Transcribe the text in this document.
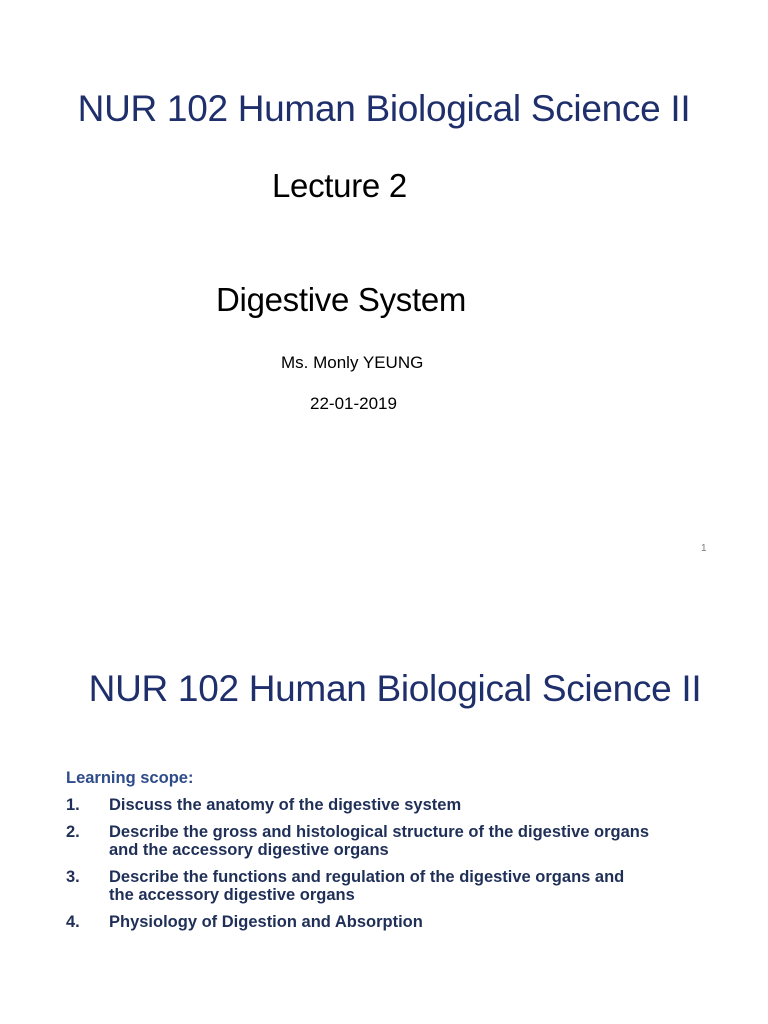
NUR 102 Human Biological Science II
Lecture 2
Digestive System
Ms. Monly YEUNG
22-01-2019
1
NUR 102 Human Biological Science II
Learning scope:
1. Discuss the anatomy of the digestive system
2. Describe the gross and histological structure of the digestive organs
and the accessory digestive organs
3. Describe the functions and regulation of the digestive organs and
the accessory digestive organs
4. Physiology of Digestion and Absorption
